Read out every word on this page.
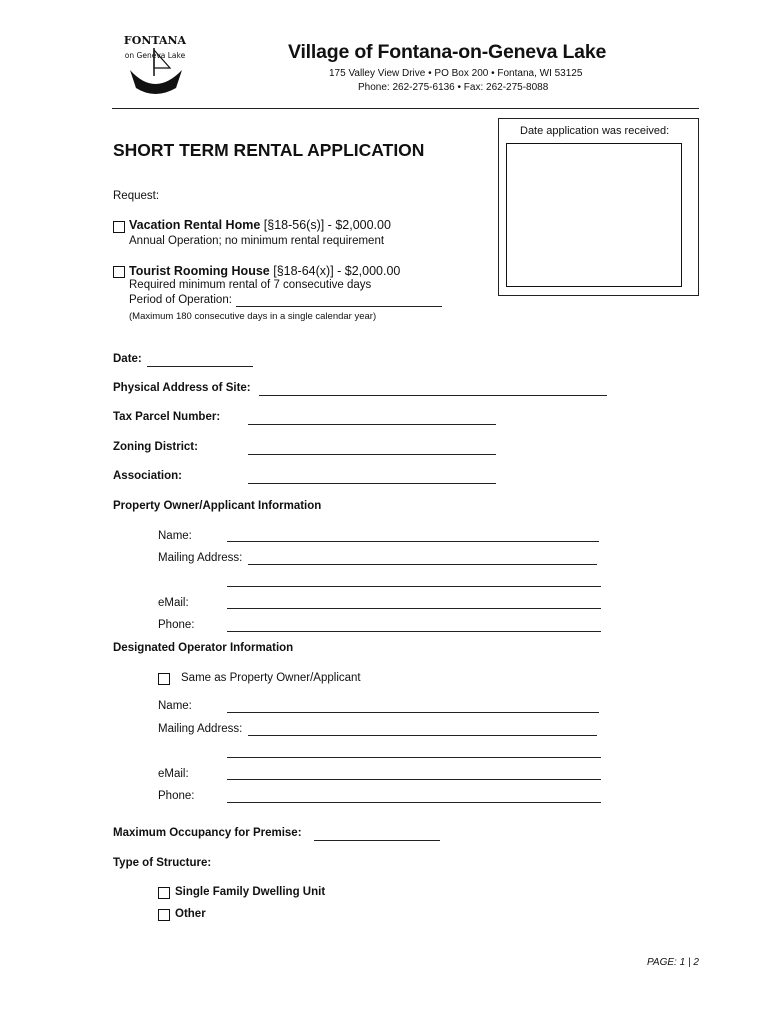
FONTANA
on Geneva Lake	Village of Fontana-on-Geneva Lake
175 Valley View Drive • PO Box 200 • Fontana, WI 53125
Phone: 262-275-6136 • Fax: 262-275-8088
Date application was received:
SHORT TERM RENTAL APPLICATION
Request:
Vacation Rental Home [§18-56(s)] - $2,000.00
Annual Operation; no minimum rental requirement
Tourist Rooming House [§18-64(x)] - $2,000.00
Required minimum rental of 7 consecutive days
Period of Operation:
(Maximum 180 consecutive days in a single calendar year)
Date:
Physical Address of Site:
Tax Parcel Number:
Zoning District:
Association:
Property Owner/Applicant Information
Name:
Mailing Address:
eMail:
Phone:
Designated Operator Information
Same as Property Owner/Applicant
Name:
Mailing Address:
eMail:
Phone:
Maximum Occupancy for Premise:
Type of Structure:
Single Family Dwelling Unit
Other
PAGE: 1 | 2
